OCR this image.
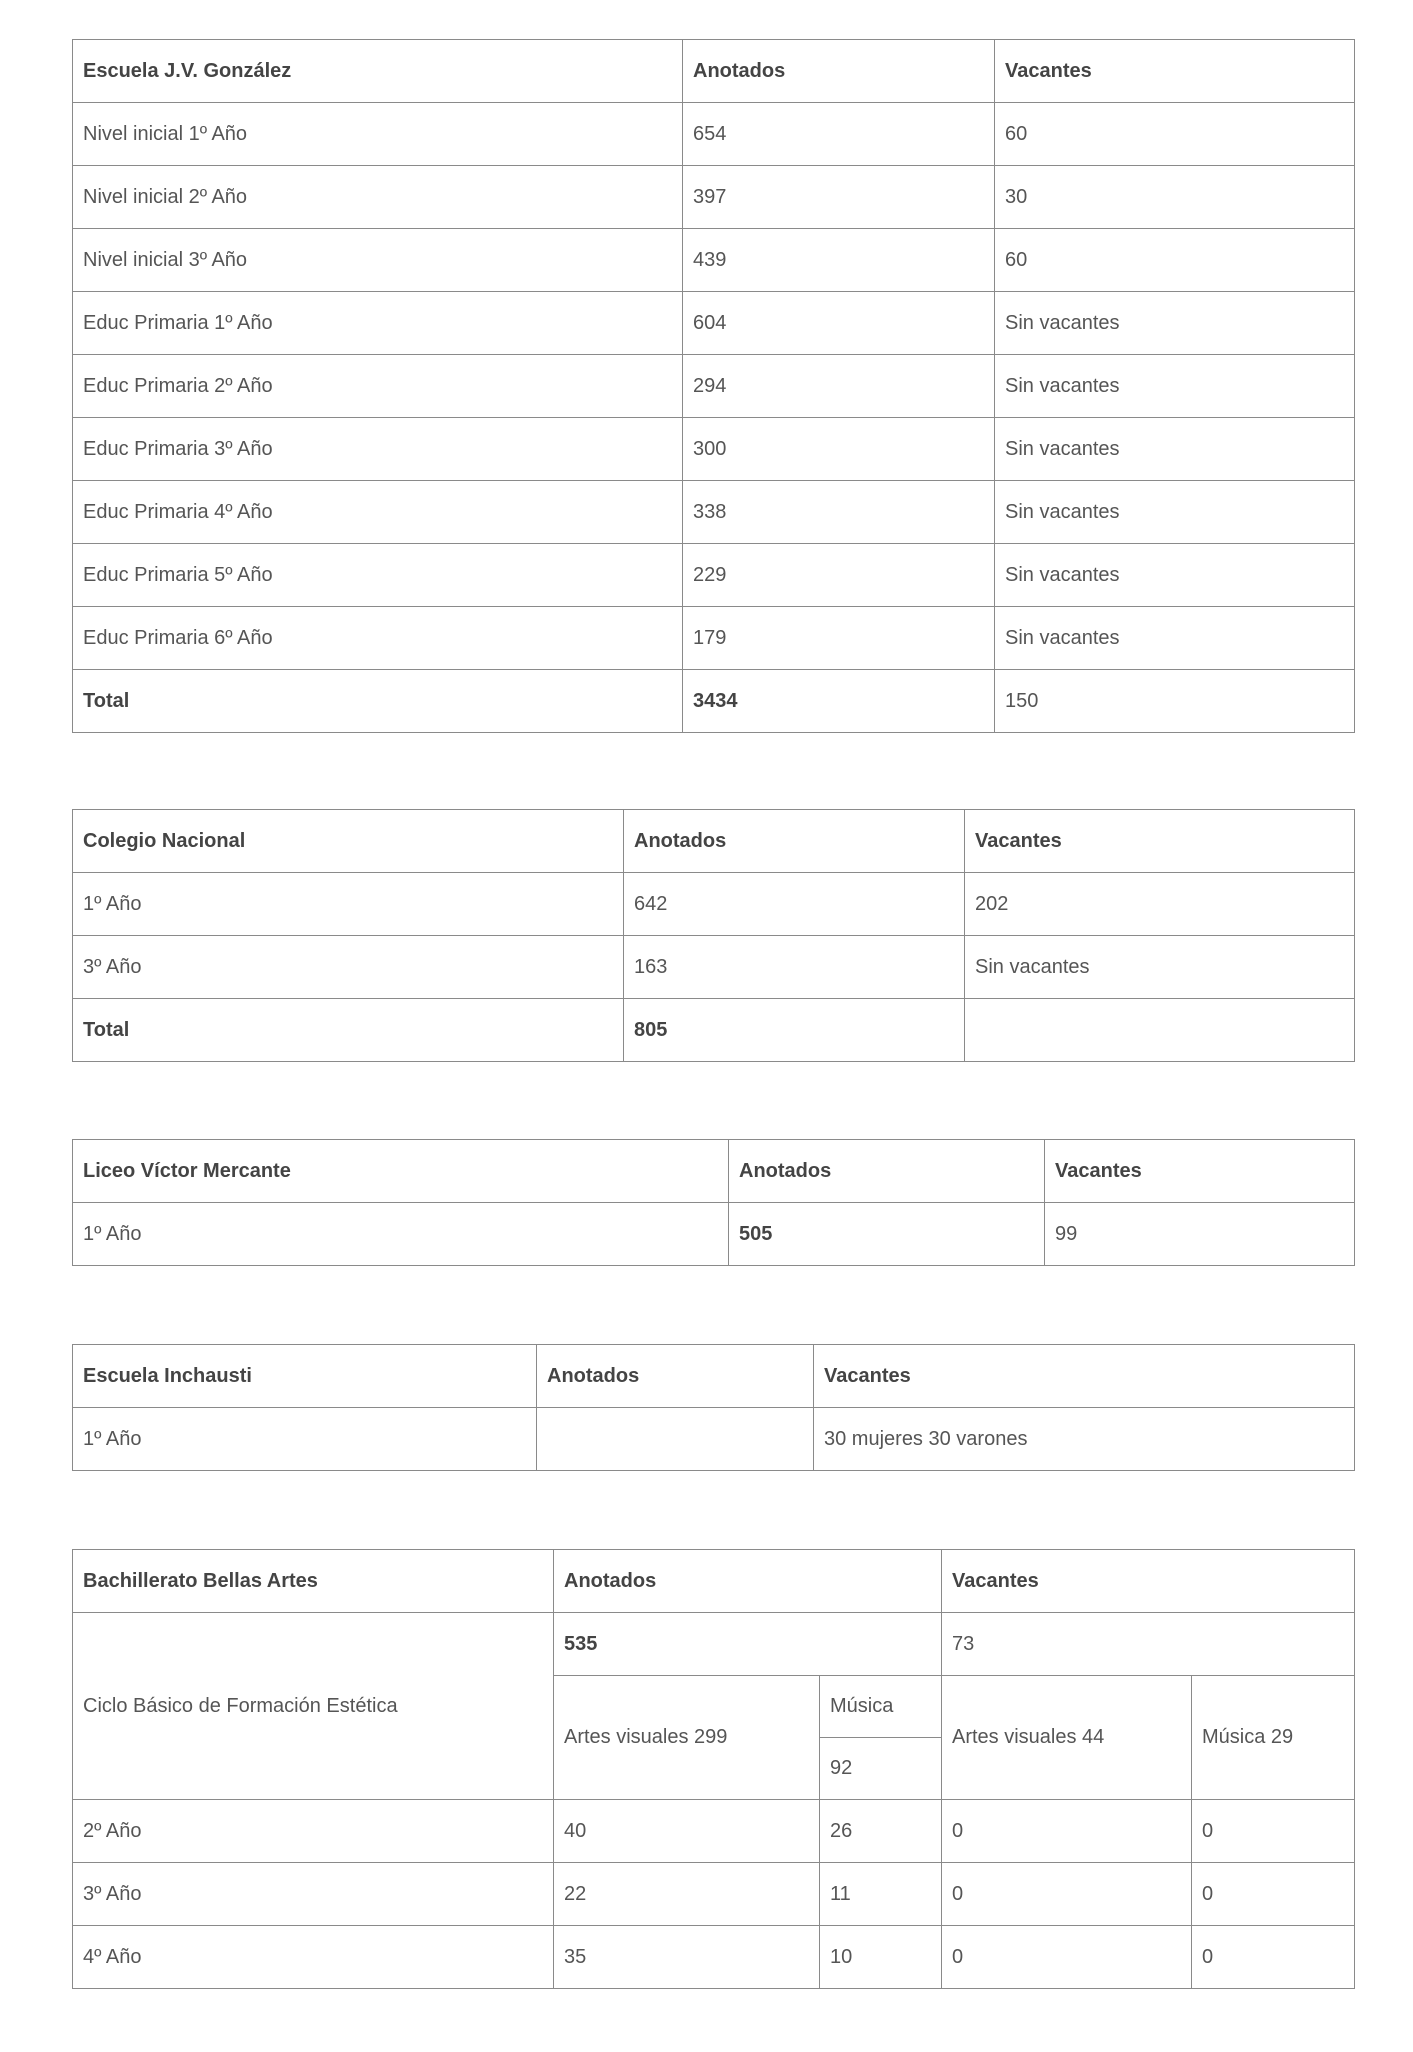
Escuela J.V. González	Anotados	Vacantes
Nivel inicial 1º Año	654	60
Nivel inicial 2º Año	397	30
Nivel inicial 3º Año	439	60
Educ Primaria 1º Año	604	Sin vacantes
Educ Primaria 2º Año	294	Sin vacantes
Educ Primaria 3º Año	300	Sin vacantes
Educ Primaria 4º Año	338	Sin vacantes
Educ Primaria 5º Año	229	Sin vacantes
Educ Primaria 6º Año	179	Sin vacantes
Total	3434	150
Colegio Nacional	Anotados	Vacantes
1º Año	642	202
3º Año	163	Sin vacantes
Total	805	
Liceo Víctor Mercante	Anotados	Vacantes
1º Año	505	99
Escuela Inchausti	Anotados	Vacantes
1º Año		30 mujeres 30 varones
Bachillerato Bellas Artes	Anotados		Vacantes	
Ciclo Básico de Formación Estética	535		73	
	Artes visuales 299	Música	Artes visuales 44	Música 29
		92		
2º Año	40	26	0	0
3º Año	22	11	0	0
4º Año	35	10	0	0
